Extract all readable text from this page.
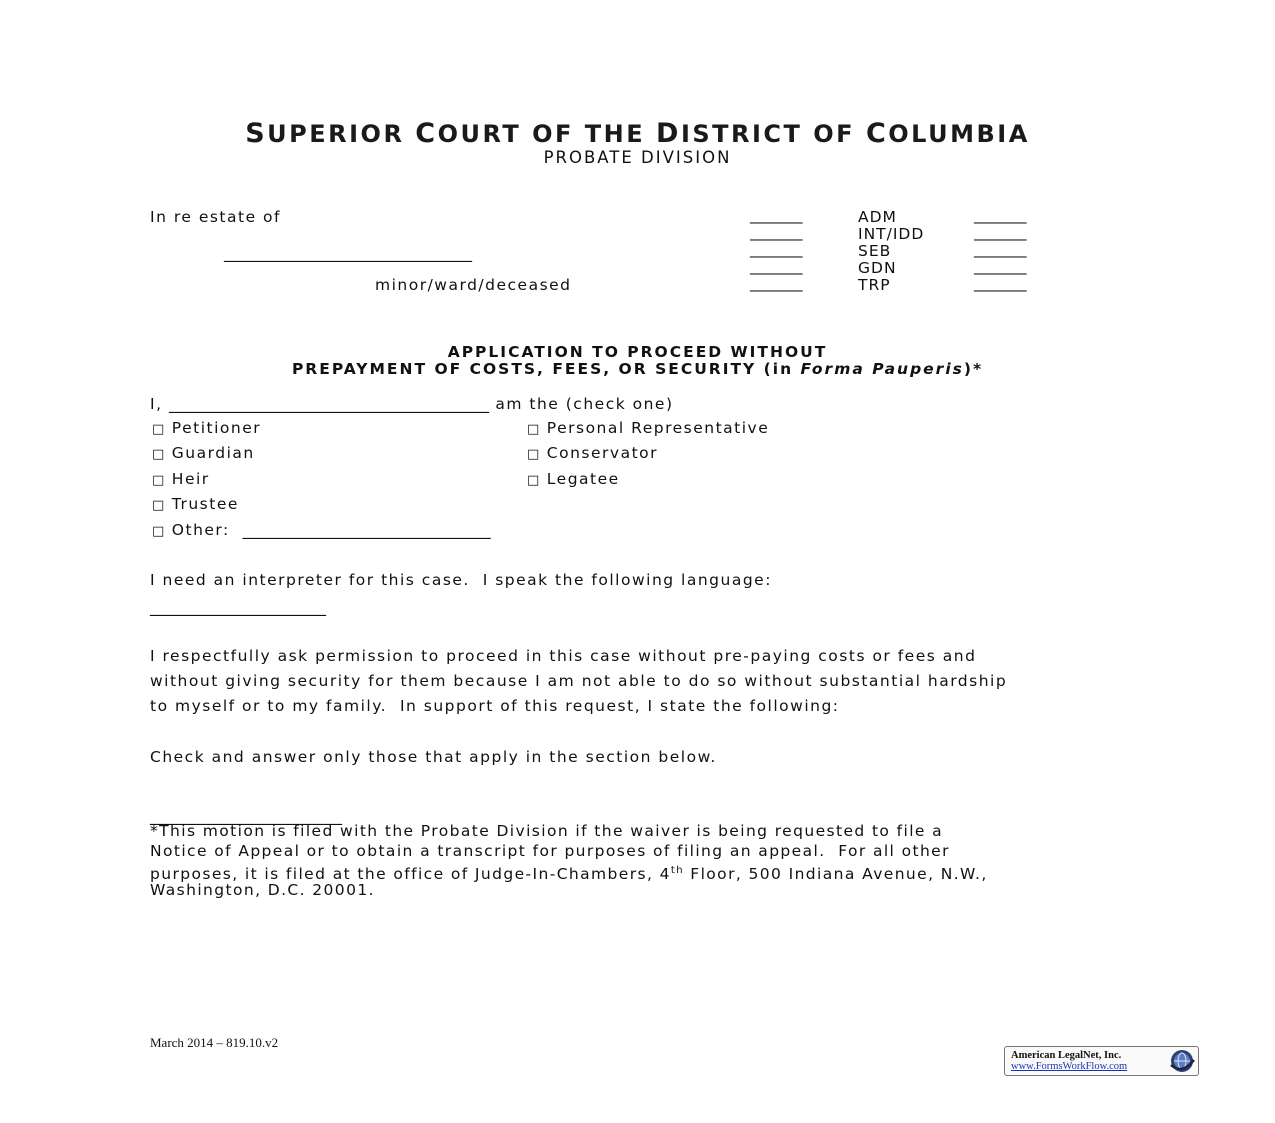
SUPERIOR COURT OF THE DISTRICT OF COLUMBIA
PROBATE DIVISION
In re estate of
_______________________________
minor/ward/deceased
_______	ADM	_______
_______	INT/IDD	_______
_______	SEB	_______
_______	GDN	_______
_______	TRP	_______
APPLICATION TO PROCEED WITHOUT
PREPAYMENT OF COSTS, FEES, OR SECURITY (in Forma Pauperis)*
I, ________________________________________ am the (check one)
□ Petitioner
□ Guardian
□ Heir
□ Trustee
□ Other: _______________________________
□ Personal Representative
□ Conservator
□ Legatee
I need an interpreter for this case.  I speak the following language:
______________________
I respectfully ask permission to proceed in this case without pre-paying costs or fees and
without giving security for them because I am not able to do so without substantial hardship
to myself or to my family.  In support of this request, I state the following:
Check and answer only those that apply in the section below.
________________________
*This motion is filed with the Probate Division if the waiver is being requested to file a
Notice of Appeal or to obtain a transcript for purposes of filing an appeal.  For all other
purposes, it is filed at the office of Judge-In-Chambers, 4th Floor, 500 Indiana Avenue, N.W.,
Washington, D.C. 20001.
March 2014 – 819.10.v2

American LegalNet, Inc.

www.FormsWorkFlow.com
